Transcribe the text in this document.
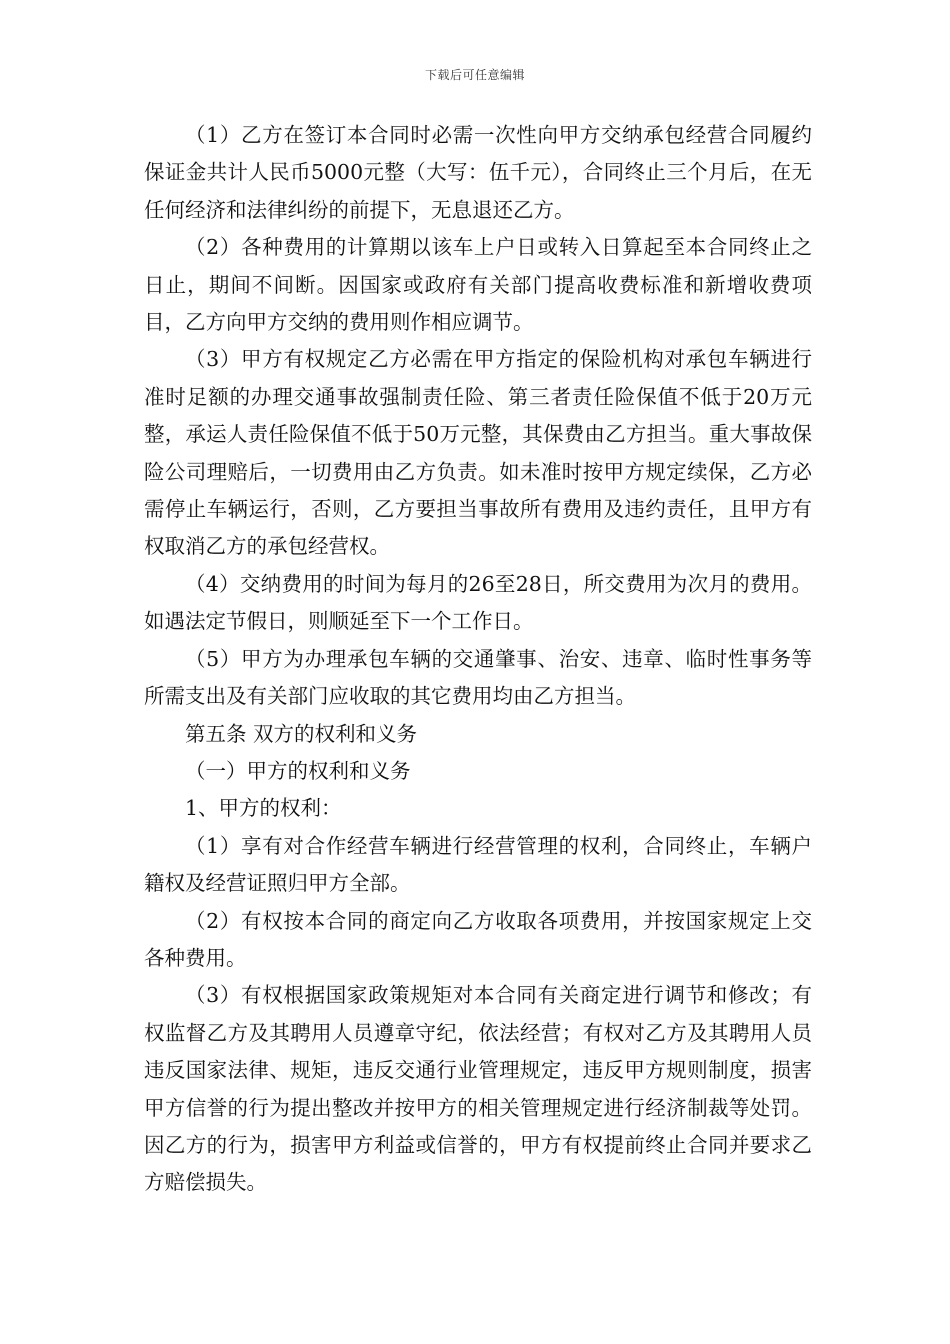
下载后可任意编辑

（1）乙方在签订本合同时必需一次性向甲方交纳承包经营合同履约保证金共计人民币5000元整（大写：伍千元），合同终止三个月后，在无任何经济和法律纠纷的前提下，无息退还乙方。

（2）各种费用的计算期以该车上户日或转入日算起至本合同终止之日止，期间不间断。因国家或政府有关部门提高收费标准和新增收费项目，乙方向甲方交纳的费用则作相应调节。

（3）甲方有权规定乙方必需在甲方指定的保险机构对承包车辆进行准时足额的办理交通事故强制责任险、第三者责任险保值不低于20万元整，承运人责任险保值不低于50万元整，其保费由乙方担当。重大事故保险公司理赔后，一切费用由乙方负责。如未准时按甲方规定续保，乙方必需停止车辆运行，否则，乙方要担当事故所有费用及违约责任，且甲方有权取消乙方的承包经营权。

（4）交纳费用的时间为每月的26至28日，所交费用为次月的费用。如遇法定节假日，则顺延至下一个工作日。

（5）甲方为办理承包车辆的交通肇事、治安、违章、临时性事务等所需支出及有关部门应收取的其它费用均由乙方担当。

第五条 双方的权利和义务

（一）甲方的权利和义务

1、甲方的权利：

（1）享有对合作经营车辆进行经营管理的权利，合同终止，车辆户籍权及经营证照归甲方全部。

（2）有权按本合同的商定向乙方收取各项费用，并按国家规定上交各种费用。

（3）有权根据国家政策规矩对本合同有关商定进行调节和修改；有权监督乙方及其聘用人员遵章守纪，依法经营；有权对乙方及其聘用人员违反国家法律、规矩，违反交通行业管理规定，违反甲方规则制度，损害甲方信誉的行为提出整改并按甲方的相关管理规定进行经济制裁等处罚。因乙方的行为，损害甲方利益或信誉的，甲方有权提前终止合同并要求乙方赔偿损失。
